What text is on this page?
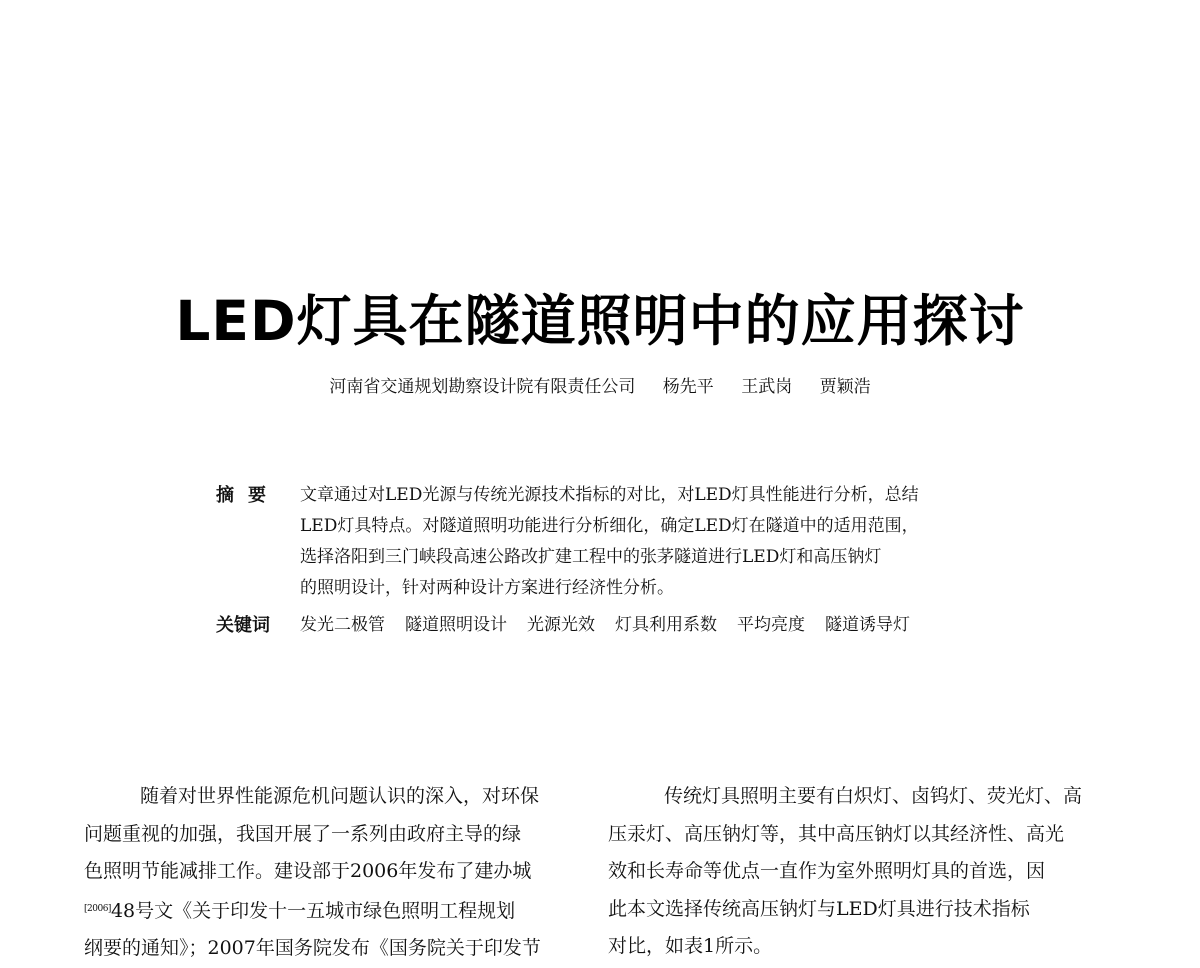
LED灯具在隧道照明中的应用探讨
河南省交通规划勘察设计院有限责任公司 杨先平 王武岗 贾颖浩
摘要	文章通过对LED光源与传统光源技术指标的对比，对LED灯具性能进行分析，总结
LED灯具特点。对隧道照明功能进行分析细化，确定LED灯在隧道中的适用范围，
选择洛阳到三门峡段高速公路改扩建工程中的张茅隧道进行LED灯和高压钠灯
的照明设计，针对两种设计方案进行经济性分析。
关键词	发光二极管 隧道照明设计 光源光效 灯具利用系数 平均亮度 隧道诱导灯
随着对世界性能源危机问题认识的深入，对环保
问题重视的加强，我国开展了一系列由政府主导的绿
色照明节能减排工作。建设部于2006年发布了建办城
[2006]48号文《关于印发十一五城市绿色照明工程规划
纲要的通知》；2007年国务院发布《国务院关于印发节
传统灯具照明主要有白炽灯、卤钨灯、荧光灯、高
压汞灯、高压钠灯等，其中高压钠灯以其经济性、高光
效和长寿命等优点一直作为室外照明灯具的首选，因
此本文选择传统高压钠灯与LED灯具进行技术指标
对比，如表1所示。
